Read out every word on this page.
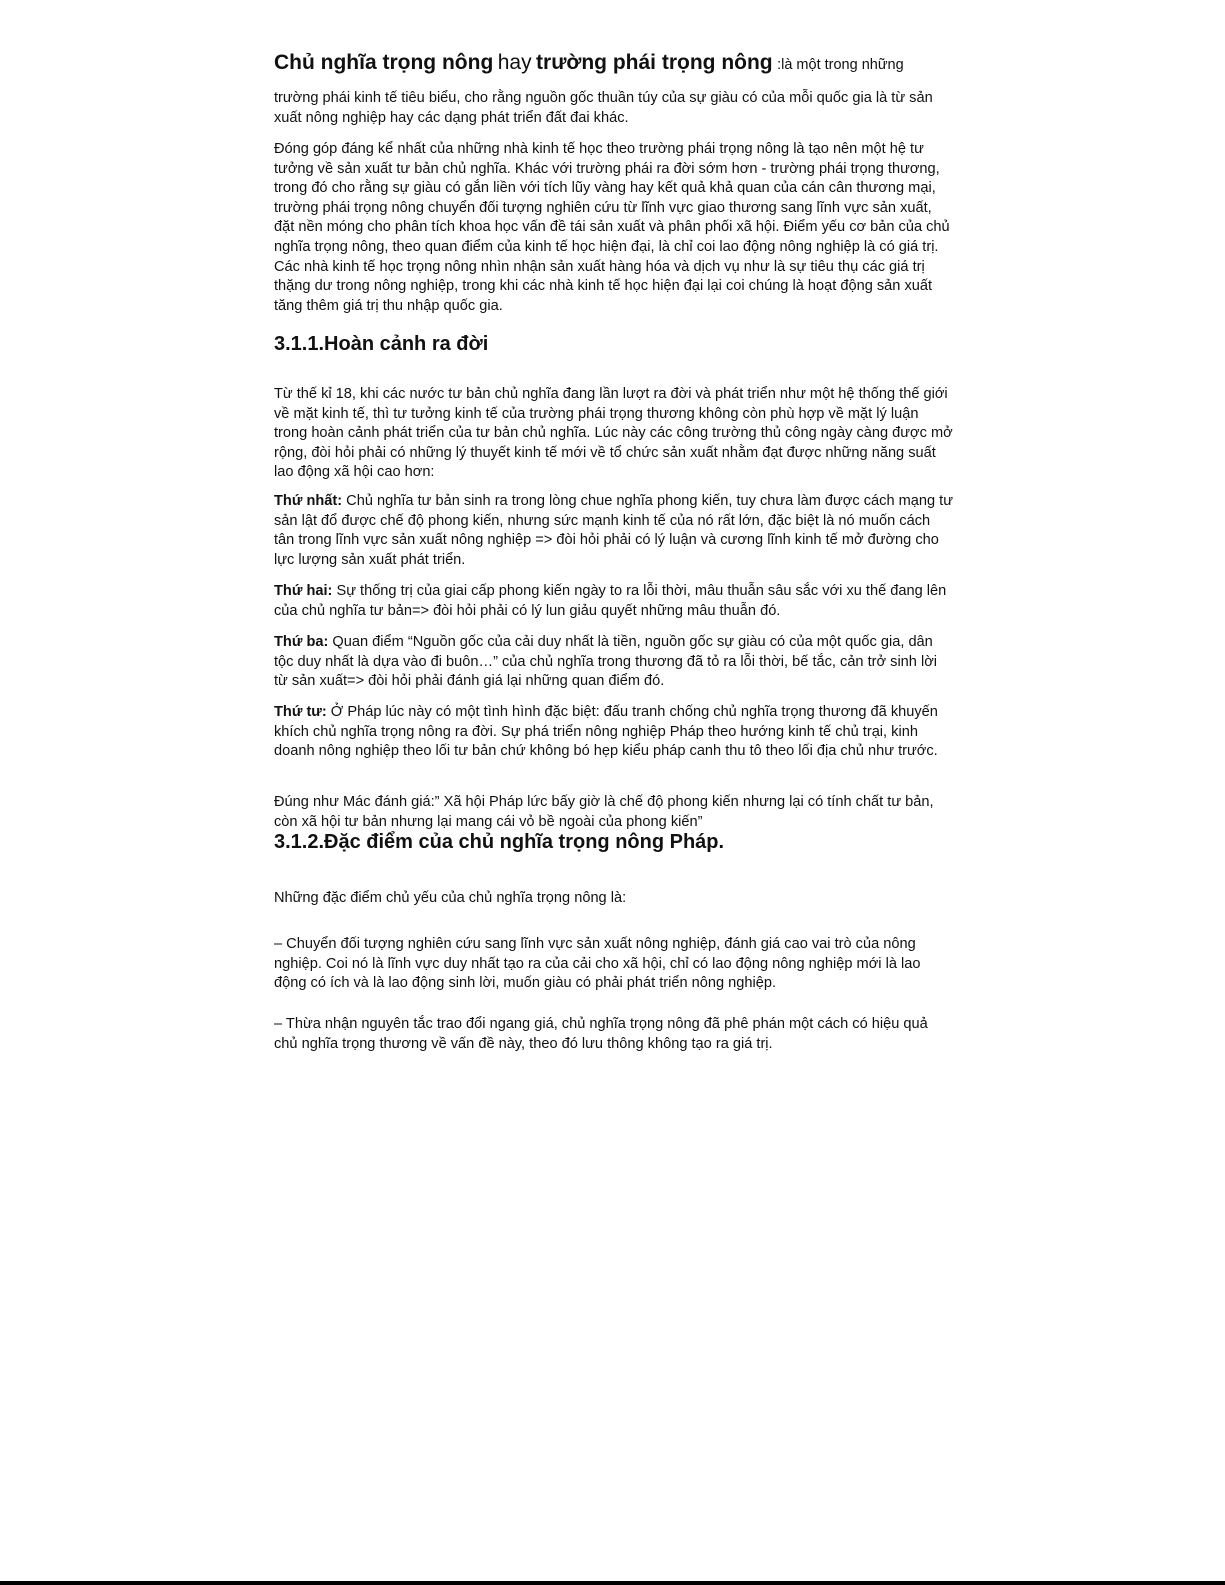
Chủ nghĩa trọng nông hay trường phái trọng nông :là một trong những

trường phái kinh tế tiêu biểu, cho rằng nguồn gốc thuần túy của sự giàu có của mỗi quốc gia là từ sản xuất nông nghiệp hay các dạng phát triển đất đai khác.

Đóng góp đáng kể nhất của những nhà kinh tế học theo trường phái trọng nông là tạo nên một hệ tư tưởng về sản xuất tư bản chủ nghĩa. Khác với trường phái ra đời sớm hơn - trường phái trọng thương, trong đó cho rằng sự giàu có gắn liền với tích lũy vàng hay kết quả khả quan của cán cân thương mại, trường phái trọng nông chuyển đối tượng nghiên cứu từ lĩnh vực giao thương sang lĩnh vực sản xuất, đặt nền móng cho phân tích khoa học vấn đề tái sản xuất và phân phối xã hội. Điểm yếu cơ bản của chủ nghĩa trọng nông, theo quan điểm của kinh tế học hiện đại, là chỉ coi lao động nông nghiệp là có giá trị. Các nhà kinh tế học trọng nông nhìn nhận sản xuất hàng hóa và dịch vụ như là sự tiêu thụ các giá trị thặng dư trong nông nghiệp, trong khi các nhà kinh tế học hiện đại lại coi chúng là hoạt động sản xuất tăng thêm giá trị thu nhập quốc gia.

3.1.1.Hoàn cảnh ra đời

Từ thế kỉ 18, khi các nước tư bản chủ nghĩa đang lần lượt ra đời và phát triển như một hệ thống thế giới về mặt kinh tế, thì tư tưởng kinh tế của trường phái trọng thương không còn phù hợp về mặt lý luận trong hoàn cảnh phát triển của tư bản chủ nghĩa. Lúc này các công trường thủ công ngày càng được mở rộng, đòi hỏi phải có những lý thuyết kinh tế mới về tổ chức sản xuất nhằm đạt được những năng suất lao động xã hội cao hơn:

Thứ nhất: Chủ nghĩa tư bản sinh ra trong lòng chue nghĩa phong kiến, tuy chưa làm được cách mạng tư sản lật đổ được chế độ phong kiến, nhưng sức mạnh kinh tế của nó rất lớn, đặc biệt là nó muốn cách tân trong lĩnh vực sản xuất nông nghiệp => đòi hỏi phải có lý luận và cương lĩnh kinh tế mở đường cho lực lượng sản xuất phát triển.

Thứ hai: Sự thống trị của giai cấp phong kiến ngày to ra lỗi thời, mâu thuẫn sâu sắc với xu thế đang lên của chủ nghĩa tư bản=> đòi hỏi phải có lý lun giảu quyết những mâu thuẫn đó.

Thứ ba: Quan điểm “Nguồn gốc của cải duy nhất là tiền, nguồn gốc sự giàu có của một quốc gia, dân tộc duy nhất là dựa vào đi buôn…” của chủ nghĩa trong thương đã tỏ ra lỗi thời, bế tắc, cản trở sinh lời từ sản xuất=> đòi hỏi phải đánh giá lại những quan điểm đó.

Thứ tư: Ở Pháp lúc này có một tình hình đặc biệt: đấu tranh chống chủ nghĩa trọng thương đã khuyến khích chủ nghĩa trọng nông ra đời. Sự phá triển nông nghiệp Pháp theo hướng kinh tế chủ trại, kinh doanh nông nghiệp theo lối tư bản chứ không bó hẹp kiểu pháp canh thu tô theo lối địa chủ như trước.

Đúng như Mác đánh giá:” Xã hội Pháp lức bấy giờ là chế độ phong kiến nhưng lại có tính chất tư bản, còn xã hội tư bản nhưng lại mang cái vỏ bề ngoài của phong kiến”

3.1.2.Đặc điểm của chủ nghĩa trọng nông Pháp.

Những đặc điểm chủ yếu của chủ nghĩa trọng nông là:

– Chuyển đối tượng nghiên cứu sang lĩnh vực sản xuất nông nghiệp, đánh giá cao vai trò của nông nghiệp. Coi nó là lĩnh vực duy nhất tạo ra của cải cho xã hội, chỉ có lao động nông nghiệp mới là lao động có ích và là lao động sinh lời, muốn giàu có phải phát triển nông nghiệp.

– Thừa nhận nguyên tắc trao đổi ngang giá, chủ nghĩa trọng nông đã phê phán một cách có hiệu quả chủ nghĩa trọng thương về vấn đề này, theo đó lưu thông không tạo ra giá trị.
